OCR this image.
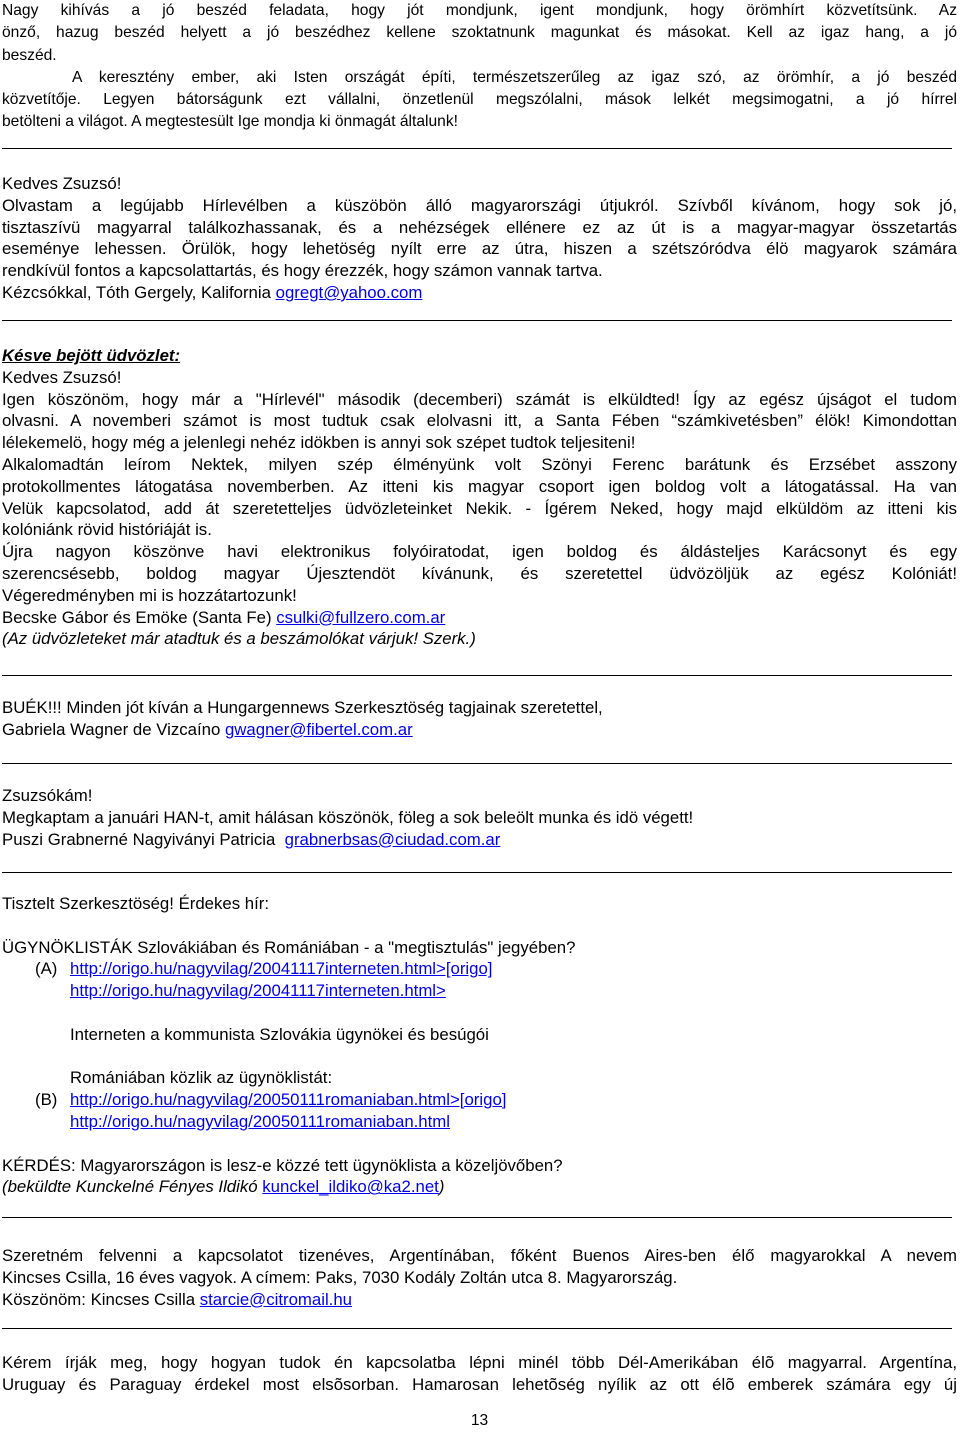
Nagy kihívás a jó beszéd feladata, hogy jót mondjunk, igent mondjunk, hogy örömhírt közvetítsünk. Az
önző, hazug beszéd helyett a jó beszédhez kellene szoktatnunk magunkat és másokat. Kell az igaz hang, a jó
beszéd.
A keresztény ember, aki Isten országát építi, természetszerűleg az igaz szó, az örömhír, a jó beszéd
közvetítője. Legyen bátorságunk ezt vállalni, önzetlenül megszólalni, mások lelkét megsimogatni, a jó hírrel
betölteni a világot. A megtestesült Ige mondja ki önmagát általunk!
Kedves Zsuzsó!
Olvastam a legújabb Hírlevélben a küszöbön álló magyarországi útjukról. Szívből kívánom, hogy sok jó,
tisztaszívü magyarral találkozhassanak, és a nehézségek ellénere ez az út is a magyar-magyar összetartás
eseménye lehessen. Örülök, hogy lehetöség nyílt erre az útra, hiszen a szétszóródva élö magyarok számára
rendkívül fontos a kapcsolattartás, és hogy érezzék, hogy számon vannak tartva.
Kézcsókkal, Tóth Gergely, Kalifornia ogregt@yahoo.com
Késve bejött üdvözlet:
Kedves Zsuzsó!
Igen köszönöm, hogy már a "Hírlevél" második (decemberi) számát is elküldted! Így az egész újságot el tudom
olvasni. A novemberi számot is most tudtuk csak elolvasni itt, a Santa Fében “számkivetésben” élök! Kimondottan
lélekemelö, hogy még a jelenlegi nehéz idökben is annyi sok szépet tudtok teljesiteni!
Alkalomadtán leírom Nektek, milyen szép élményünk volt Szönyi Ferenc barátunk és Erzsébet asszony
protokollmentes látogatása novemberben. Az itteni kis magyar csoport igen boldog volt a látogatással. Ha van
Velük kapcsolatod, add át szeretetteljes üdvözleteinket Nekik. - Ígérem Neked, hogy majd elküldöm az itteni kis
kolóniánk rövid históriáját is.
Újra nagyon köszönve havi elektronikus folyóiratodat, igen boldog és áldásteljes Karácsonyt és egy
szerencsésebb, boldog magyar Újesztendöt kívánunk, és szeretettel üdvözöljük az egész Kolóniát!
Végeredményben mi is hozzátartozunk!
Becske Gábor és Emöke (Santa Fe) csulki@fullzero.com.ar
(Az üdvözleteket már atadtuk és a beszámolókat várjuk! Szerk.)
BUÉK!!! Minden jót kíván a Hungargennews Szerkesztöség tagjainak szeretettel,
Gabriela Wagner de Vizcaíno gwagner@fibertel.com.ar
Zsuzsókám!
Megkaptam a januári HAN-t, amit hálásan köszönök, föleg a sok beleölt munka és idö végett!
Puszi Grabnerné Nagyiványi Patricia  grabnerbsas@ciudad.com.ar
Tisztelt Szerkesztöség! Érdekes hír:
ÜGYNÖKLISTÁK Szlovákiában és Romániában - a "megtisztulás" jegyében?
(A) http://origo.hu/nagyvilag/20041117interneten.html>[origo]
http://origo.hu/nagyvilag/20041117interneten.html>
Interneten a kommunista Szlovákia ügynökei és besúgói
Romániában közlik az ügynöklistát:
(B) http://origo.hu/nagyvilag/20050111romaniaban.html>[origo]
http://origo.hu/nagyvilag/20050111romaniaban.html
KÉRDÉS: Magyarországon is lesz-e közzé tett ügynöklista a közeljövőben?
(beküldte Kunckelné Fényes Ildikó kunckel_ildiko@ka2.net)
Szeretném felvenni a kapcsolatot tizenéves, Argentínában, főként Buenos Aires-ben élő magyarokkal A nevem
Kincses Csilla, 16 éves vagyok. A címem: Paks, 7030 Kodály Zoltán utca 8. Magyarország.
Köszönöm: Kincses Csilla starcie@citromail.hu
Kérem írják meg, hogy hogyan tudok én kapcsolatba lépni minél több Dél-Amerikában élõ magyarral. Argentína,
Uruguay és Paraguay érdekel most elsõsorban. Hamarosan lehetõség nyílik az ott élõ emberek számára egy új
13
